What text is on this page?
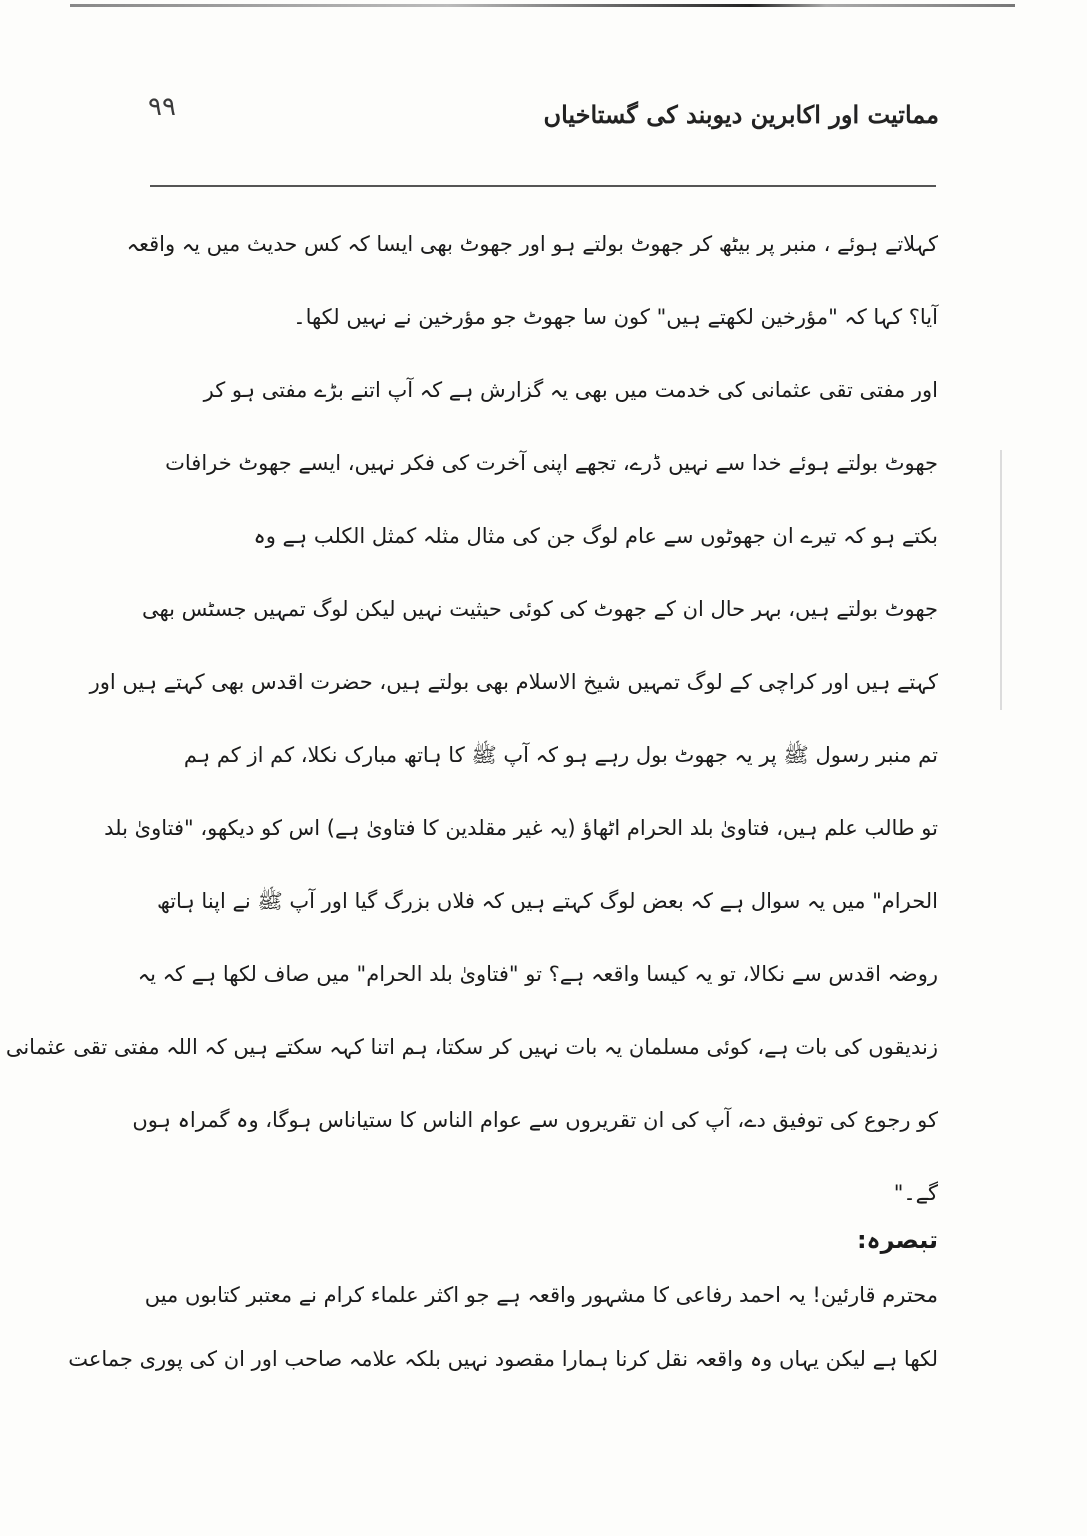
۹۹	مماتیت اور اکابرین دیوبند کی گستاخیاں
کہلاتے ہوئے ، منبر پر بیٹھ کر جھوٹ بولتے ہو اور جھوٹ بھی ایسا کہ کس حدیث میں یہ واقعہ
آیا؟ کہا کہ "مؤرخین لکھتے ہیں" کون سا جھوٹ جو مؤرخین نے نہیں لکھا۔
اور مفتی تقی عثمانی کی خدمت میں بھی یہ گزارش ہے کہ آپ اتنے بڑے مفتی ہو کر
جھوٹ بولتے ہوئے خدا سے نہیں ڈرے، تجھے اپنی آخرت کی فکر نہیں، ایسے جھوٹ خرافات
بکتے ہو کہ تیرے ان جھوٹوں سے عام لوگ جن کی مثال مثلہ کمثل الکلب ہے وہ
جھوٹ بولتے ہیں، بہر حال ان کے جھوٹ کی کوئی حیثیت نہیں لیکن لوگ تمہیں جسٹس بھی
کہتے ہیں اور کراچی کے لوگ تمہیں شیخ الاسلام بھی بولتے ہیں، حضرت اقدس بھی کہتے ہیں اور
تم منبر رسول ﷺ پر یہ جھوٹ بول رہے ہو کہ آپ ﷺ کا ہاتھ مبارک نکلا، کم از کم ہم
تو طالب علم ہیں، فتاویٰ بلد الحرام اٹھاؤ (یہ غیر مقلدین کا فتاویٰ ہے) اس کو دیکھو، "فتاویٰ بلد
الحرام" میں یہ سوال ہے کہ بعض لوگ کہتے ہیں کہ فلاں بزرگ گیا اور آپ ﷺ نے اپنا ہاتھ
روضہ اقدس سے نکالا، تو یہ کیسا واقعہ ہے؟ تو "فتاویٰ بلد الحرام" میں صاف لکھا ہے کہ یہ
زندیقوں کی بات ہے، کوئی مسلمان یہ بات نہیں کر سکتا، ہم اتنا کہہ سکتے ہیں کہ اللہ مفتی تقی عثمانی
کو رجوع کی توفیق دے، آپ کی ان تقریروں سے عوام الناس کا ستیاناس ہوگا، وہ گمراہ ہوں
گے۔"
تبصرہ:
محترم قارئین! یہ احمد رفاعی کا مشہور واقعہ ہے جو اکثر علماء کرام نے معتبر کتابوں میں
لکھا ہے لیکن یہاں وہ واقعہ نقل کرنا ہمارا مقصود نہیں بلکہ علامہ صاحب اور ان کی پوری جماعت
